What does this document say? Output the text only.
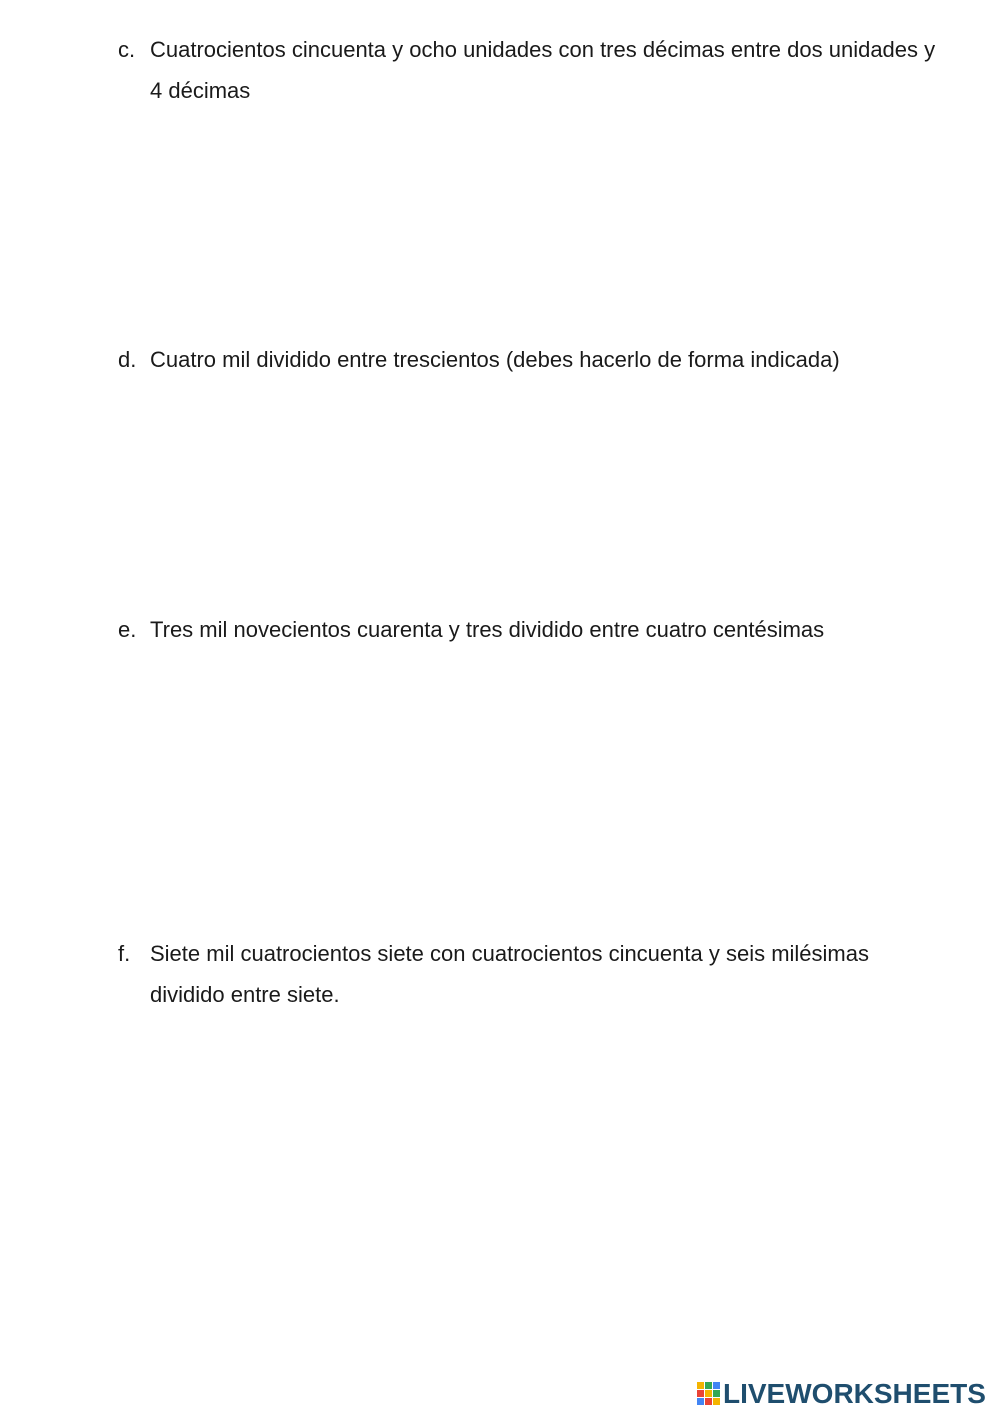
c. Cuatrocientos cincuenta y ocho unidades con tres décimas entre dos unidades y 4 décimas
d. Cuatro mil dividido entre trescientos (debes hacerlo de forma indicada)
e. Tres mil novecientos cuarenta y tres dividido entre cuatro centésimas
f. Siete mil cuatrocientos siete con cuatrocientos cincuenta y seis milésimas dividido entre siete.
LIVEWORKSHEETS
